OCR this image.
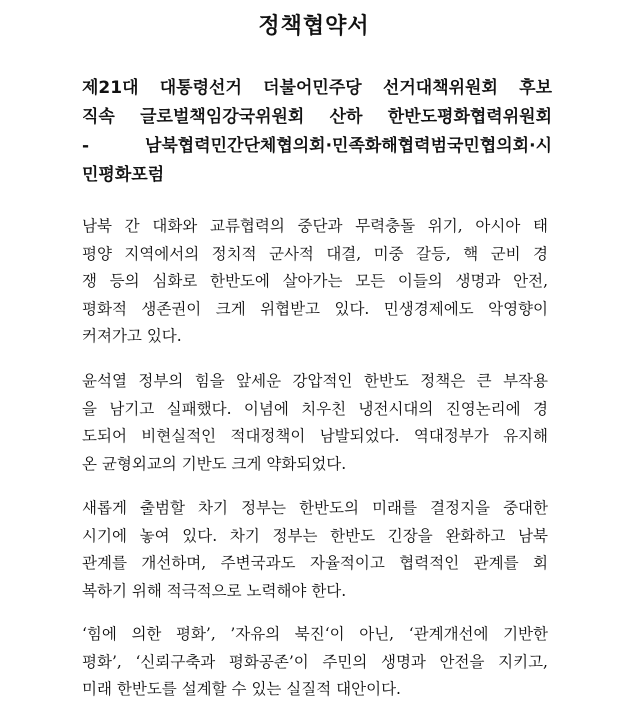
정책협약서
제21대 대통령선거 더불어민주당 선거대책위원회 후보
직속 글로벌책임강국위원회 산하 한반도평화협력위원회
- 남북협력민간단체협의회·민족화해협력범국민협의회·시
민평화포럼
남북 간 대화와 교류협력의 중단과 무력충돌 위기, 아시아 태
평양 지역에서의 정치적 군사적 대결, 미중 갈등, 핵 군비 경
쟁 등의 심화로 한반도에 살아가는 모든 이들의 생명과 안전,
평화적 생존권이 크게 위협받고 있다. 민생경제에도 악영향이
커져가고 있다.
윤석열 정부의 힘을 앞세운 강압적인 한반도 정책은 큰 부작용
을 남기고 실패했다. 이념에 치우친 냉전시대의 진영논리에 경
도되어 비현실적인 적대정책이 남발되었다. 역대정부가 유지해
온 균형외교의 기반도 크게 약화되었다.
새롭게 출범할 차기 정부는 한반도의 미래를 결정지을 중대한
시기에 놓여 있다. 차기 정부는 한반도 긴장을 완화하고 남북
관계를 개선하며, 주변국과도 자율적이고 협력적인 관계를 회
복하기 위해 적극적으로 노력해야 한다.
‘힘에 의한 평화’, ’자유의 북진‘이 아닌, ‘관계개선에 기반한
평화’, ‘신뢰구축과 평화공존’이 주민의 생명과 안전을 지키고,
미래 한반도를 설계할 수 있는 실질적 대안이다.
